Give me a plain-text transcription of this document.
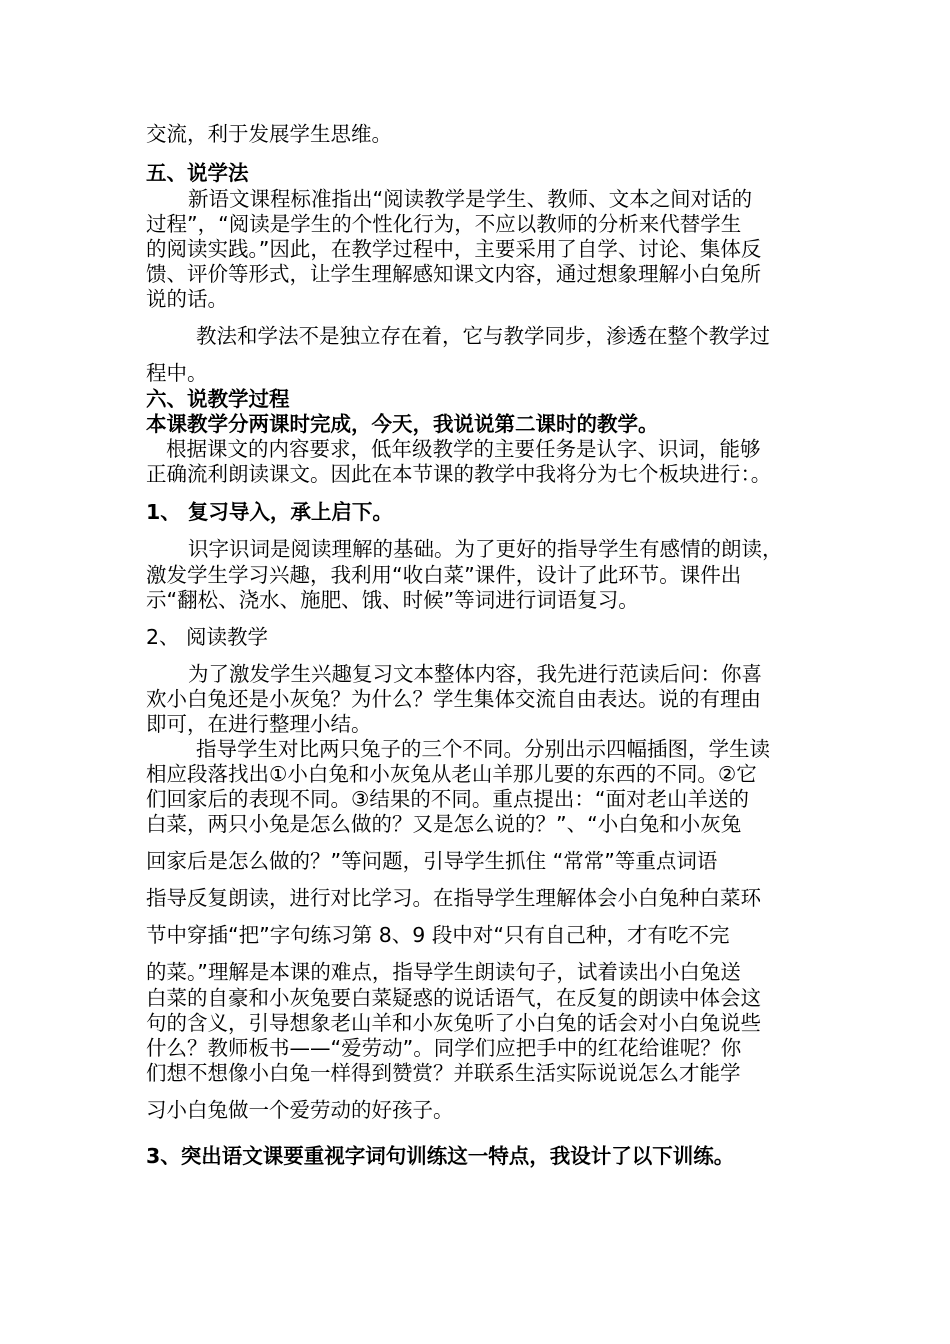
交流，利于发展学生思维。
五、说学法
新语文课程标准指出“阅读教学是学生、教师、文本之间对话的
过程”，“阅读是学生的个性化行为，不应以教师的分析来代替学生
的阅读实践。”因此，在教学过程中，主要采用了自学、讨论、集体反
馈、评价等形式，让学生理解感知课文内容，通过想象理解小白兔所
说的话。
教法和学法不是独立存在着，它与教学同步，渗透在整个教学过
程中。
六、说教学过程
本课教学分两课时完成，今天，我说说第二课时的教学。
根据课文的内容要求，低年级教学的主要任务是认字、识词，能够
正确流利朗读课文。因此在本节课的教学中我将分为七个板块进行：。
1、 复习导入，承上启下。
识字识词是阅读理解的基础。为了更好的指导学生有感情的朗读，
激发学生学习兴趣，我利用“收白菜”课件，设计了此环节。课件出
示“翻松、浇水、施肥、饿、时候”等词进行词语复习。
2、 阅读教学
为了激发学生兴趣复习文本整体内容，我先进行范读后问：你喜
欢小白兔还是小灰兔？为什么？学生集体交流自由表达。说的有理由
即可，在进行整理小结。
指导学生对比两只兔子的三个不同。分别出示四幅插图，学生读
相应段落找出①小白兔和小灰兔从老山羊那儿要的东西的不同。②它
们回家后的表现不同。③结果的不同。重点提出：“面对老山羊送的
白菜，两只小兔是怎么做的？又是怎么说的？”、“小白兔和小灰兔
回家后是怎么做的？”等问题，引导学生抓住 “常常”等重点词语
指导反复朗读，进行对比学习。在指导学生理解体会小白兔种白菜环
节中穿插“把”字句练习第 8、9 段中对“只有自己种，才有吃不完
的菜。”理解是本课的难点，指导学生朗读句子，试着读出小白兔送
白菜的自豪和小灰兔要白菜疑惑的说话语气，在反复的朗读中体会这
句的含义，引导想象老山羊和小灰兔听了小白兔的话会对小白兔说些
什么？教师板书——“爱劳动”。同学们应把手中的红花给谁呢？你
们想不想像小白兔一样得到赞赏？并联系生活实际说说怎么才能学
习小白兔做一个爱劳动的好孩子。
3、突出语文课要重视字词句训练这一特点，我设计了以下训练。
